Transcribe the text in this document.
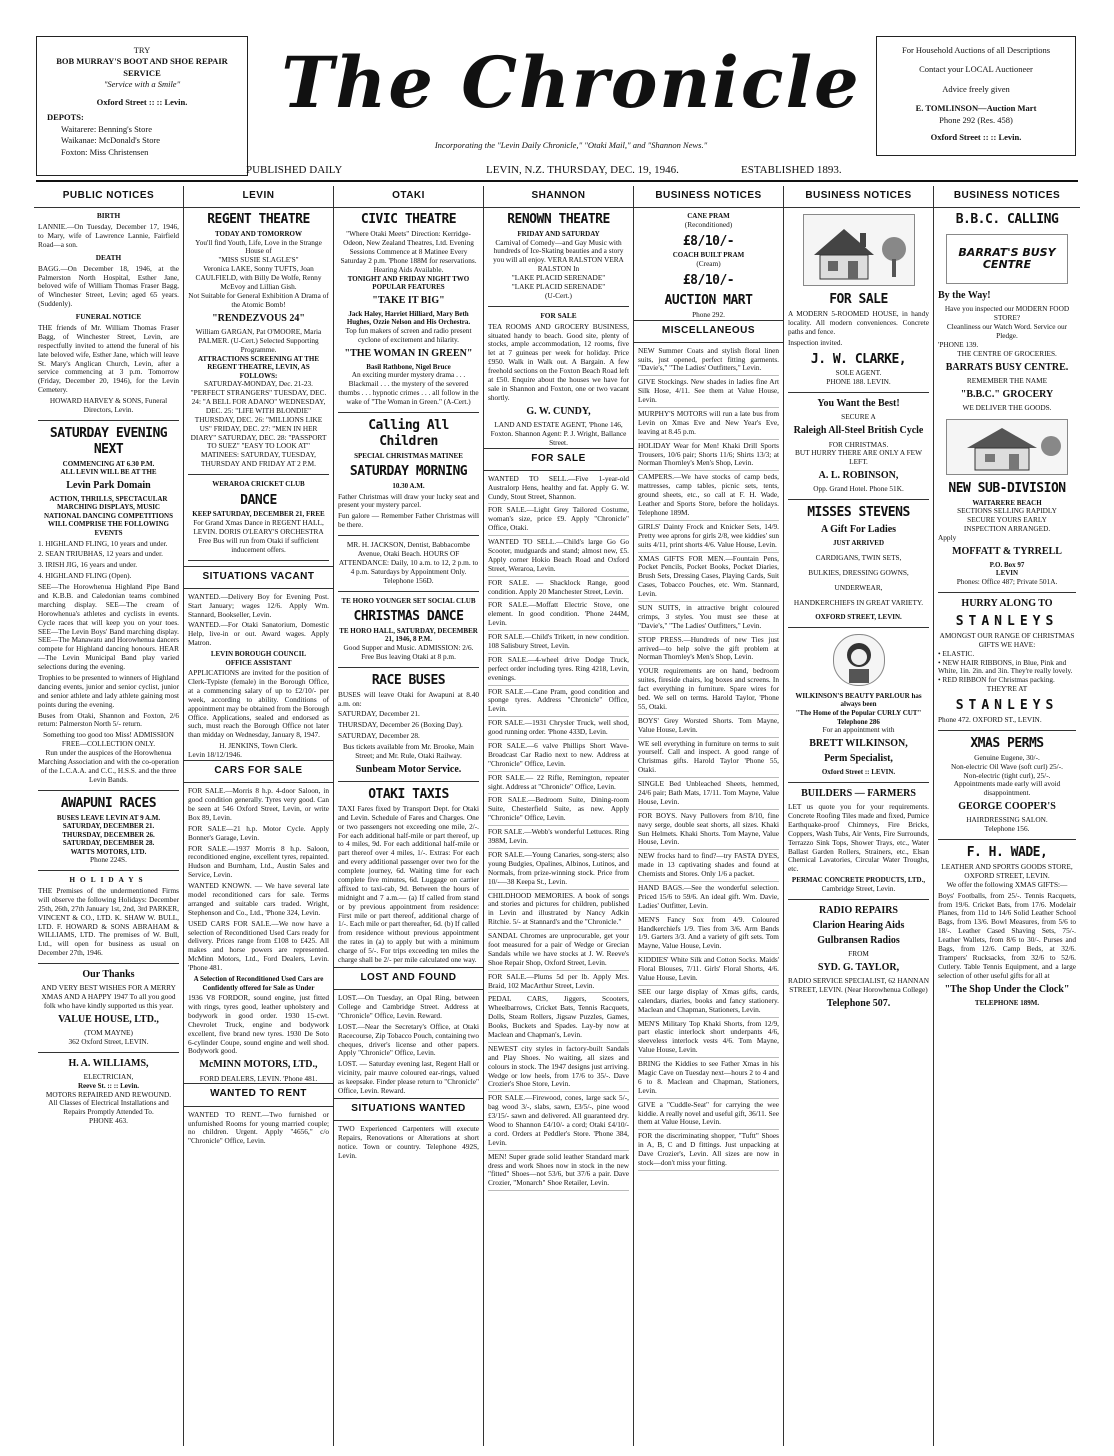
TRY
BOB MURRAY'S BOOT AND SHOE REPAIR SERVICE
"Service with a Smile"
Oxford Street :: :: Levin.
DEPOTS:
Waitarere: Benning's Store
Waikanae: McDonald's Store
Foxton: Miss Christensen
The Chronicle
Incorporating the "Levin Daily Chronicle," "Otaki Mail," and "Shannon News."
For Household Auctions of all Descriptions
Contact your LOCAL Auctioneer
Advice freely given
E. TOMLINSON—Auction Mart
Phone 292 (Res. 458)
Oxford Street :: :: Levin.
PUBLISHED DAILY	LEVIN, N.Z. THURSDAY, DEC. 19, 1946.	ESTABLISHED 1893.
PUBLIC NOTICES
BIRTH
LANNIE.—On Tuesday, December 17, 1946, to Mary, wife of Lawrence Lannie, Fairfield Road—a son.
DEATH
BAGG.—On December 18, 1946, at the Palmerston North Hospital, Esther Jane, beloved wife of William Thomas Fraser Bagg, of Winchester Street, Levin; aged 65 years. (Suddenly).
FUNERAL NOTICE
THE friends of Mr. William Thomas Fraser Bagg, of Winchester Street, Levin, are respectfully invited to attend the funeral of his late beloved wife, Esther Jane, which will leave St. Mary's Anglican Church, Levin, after a service commencing at 3 p.m. Tomorrow (Friday, December 20, 1946), for the Levin Cemetery.
HOWARD HARVEY & SONS, Funeral Directors, Levin.
SATURDAY EVENING NEXT
COMMENCING AT 6.30 P.M.
ALL LEVIN WILL BE AT THE
Levin Park Domain
ACTION, THRILLS, SPECTACULAR MARCHING DISPLAYS, MUSIC
NATIONAL DANCING COMPETITIONS WILL COMPRISE THE FOLLOWING EVENTS
1. HIGHLAND FLING, 10 years and under.
2. SEAN TRIUBHAS, 12 years and under.
3. IRISH JIG, 16 years and under.
4. HIGHLAND FLING (Open).
SEE—The Horowhenua Highland Pipe Band and K.B.B. and Caledonian teams combined marching display. SEE—The cream of Horowhenua's athletes and cyclists in events. Cycle races that will keep you on your toes. SEE—The Levin Boys' Band marching display. SEE—The Manawatu and Horowhenua dancers compete for Highland dancing honours. HEAR—The Levin Municipal Band play varied selections during the evening.
Trophies to be presented to winners of Highland dancing events, junior and senior cyclist, junior and senior athlete and lady athlete gaining most points during the evening.
Buses from Otaki, Shannon and Foxton, 2/6 return: Palmerston North 5/- return.
Something too good too Miss! ADMISSION FREE—COLLECTION ONLY.
Run under the auspices of the Horowhenua Marching Association and with the co-operation of the L.C.A.A. and C.C., H.S.S. and the three Levin Bands.
AWAPUNI RACES
BUSES LEAVE LEVIN AT 9 A.M.
SATURDAY, DECEMBER 21.
THURSDAY, DECEMBER 26.
SATURDAY, DECEMBER 28.
WATTS MOTORS, LTD.
Phone 224S.
HOLIDAYS
THE Premises of the undermentioned Firms will observe the following Holidays: December 25th, 26th, 27th January 1st, 2nd, 3rd PARKER, VINCENT & CO., LTD. K. SHAW W. BULL, LTD. F. HOWARD & SONS ABRAHAM & WILLIAMS, LTD. The premises of W. Bull, Ltd., will open for business as usual on December 27th, 1946.
Our Thanks
AND VERY BEST WISHES FOR A MERRY XMAS AND A HAPPY 1947 To all you good folk who have kindly supported us this year.
VALUE HOUSE, LTD.,
(TOM MAYNE)
362 Oxford Street, LEVIN.
H. A. WILLIAMS,
ELECTRICIAN,
Reeve St. :: :: Levin.
MOTORS REPAIRED AND REWOUND.
All Classes of Electrical Installations and Repairs Promptly Attended To.
PHONE 463.
LEVIN
REGENT THEATRE
TODAY AND TOMORROW
You'll find Youth, Life, Love in the Strange House of
"MISS SUSIE SLAGLE'S"
Veronica LAKE, Sonny TUFTS, Joan CAULFIELD, with Billy De Wolfe, Renny McEvoy and Lillian Gish.
Not Suitable for General Exhibition A Drama of the Atomic Bomb!
"RENDEZVOUS 24"
William GARGAN, Pat O'MOORE, Maria PALMER. (U-Cert.) Selected Supporting Programme.
ATTRACTIONS SCREENING AT THE REGENT THEATRE, LEVIN, AS FOLLOWS:
SATURDAY-MONDAY, Dec. 21-23. "PERFECT STRANGERS" TUESDAY, DEC. 24: "A BELL FOR ADANO" WEDNESDAY, DEC. 25: "LIFE WITH BLONDIE" THURSDAY, DEC. 26: "MILLIONS LIKE US" FRIDAY, DEC. 27: "MEN IN HER DIARY" SATURDAY, DEC. 28: "PASSPORT TO SUEZ" "EASY TO LOOK AT" MATINEES: SATURDAY, TUESDAY, THURSDAY AND FRIDAY AT 2 P.M.
WERAROA CRICKET CLUB
DANCE
KEEP SATURDAY, DECEMBER 21, FREE
For Grand Xmas Dance in REGENT HALL, LEVIN. DORIS O'LEARY'S ORCHESTRA
Free Bus will run from Otaki if sufficient inducement offers.
SITUATIONS VACANT
WANTED.—Delivery Boy for Evening Post. Start January; wages 12/6. Apply Wm. Stannard, Bookseller, Levin.
WANTED.—For Otaki Sanatorium, Domestic Help, live-in or out. Award wages. Apply Matron.
LEVIN BOROUGH COUNCIL
OFFICE ASSISTANT
APPLICATIONS are invited for the position of Clerk-Typiste (female) in the Borough Office, at a commencing salary of up to £2/10/- per week, according to ability. Conditions of appointment may be obtained from the Borough Office. Applications, sealed and endorsed as such, must reach the Borough Office not later than midday on Wednesday, January 8, 1947.
H. JENKINS, Town Clerk.
Levin 18/12/1946.
CARS FOR SALE
FOR SALE.—Morris 8 h.p. 4-door Saloon, in good condition generally. Tyres very good. Can be seen at 546 Oxford Street, Levin, or write Box 89, Levin.
FOR SALE—21 h.p. Motor Cycle. Apply Bonner's Garage, Levin.
FOR SALE.—1937 Morris 8 h.p. Saloon, reconditioned engine, excellent tyres, repainted. Hudson and Burnham, Ltd., Austin Sales and Service, Levin.
WANTED KNOWN. — We have several late model reconditioned cars for sale. Terms arranged and suitable cars traded. Wright, Stephenson and Co., Ltd., 'Phone 324, Levin.
USED CARS FOR SALE.—We now have a selection of Reconditioned Used Cars ready for delivery. Prices range from £108 to £425. All makes and horse powers are represented. McMinn Motors, Ltd., Ford Dealers, Levin. 'Phone 481.
A Selection of Reconditioned Used Cars are Confidently offered for Sale as Under
1936 V8 FORDOR, sound engine, just fitted with rings, tyres good, leather upholstery and bodywork in good order. 1930 15-cwt. Chevrolet Truck, engine and bodywork excellent, five brand new tyres. 1930 De Soto 6-cylinder Coupe, sound engine and well shod. Bodywork good.
McMINN MOTORS, LTD.,
FORD DEALERS, LEVIN. 'Phone 481.
WANTED TO RENT
WANTED TO RENT.—Two furnished or unfurnished Rooms for young married couple; no children. Urgent. Apply "4656," c/o "Chronicle" Office, Levin.
OTAKI
CIVIC THEATRE
"Where Otaki Meets" Direction: Kerridge-Odeon, New Zealand Theatres, Ltd. Evening Sessions Commence at 8 Matinee Every Saturday 2 p.m. 'Phone 188M for reservations. Hearing Aids Available.
TONIGHT AND FRIDAY NIGHT TWO POPULAR FEATURES
"TAKE IT BIG"
Jack Haley, Harriet Hilliard, Mary Beth Hughes, Ozzie Nelson and His Orchestra.
Top fun makers of screen and radio present cyclone of excitement and hilarity.
"THE WOMAN IN GREEN"
Basil Rathbone, Nigel Bruce
An exciting murder mystery drama . . . Blackmail . . . the mystery of the severed thumbs . . . hypnotic crimes . . . all follow in the wake of "The Woman in Green." (A-Cert.)
Calling All Children
SPECIAL CHRISTMAS MATINEE
SATURDAY MORNING
10.30 A.M.
Father Christmas will draw your lucky seat and present your mystery parcel.
Fun galore — Remember Father Christmas will be there.
MR. H. JACKSON, Dentist, Babbacombe Avenue, Otaki Beach. HOURS OF ATTENDANCE: Daily, 10 a.m. to 12, 2 p.m. to 4 p.m. Saturdays by Appointment Only. Telephone 156D.
TE HORO YOUNGER SET SOCIAL CLUB
CHRISTMAS DANCE
TE HORO HALL, SATURDAY, DECEMBER 21, 1946, 8 P.M.
Good Supper and Music. ADMISSION: 2/6. Free Bus leaving Otaki at 8 p.m.
RACE BUSES
BUSES will leave Otaki for Awapuni at 8.40 a.m. on:
SATURDAY, December 21.
THURSDAY, December 26 (Boxing Day).
SATURDAY, December 28.
Bus tickets available from Mr. Brooke, Main Street; and Mr. Rule, Otaki Railway.
Sunbeam Motor Service.
OTAKI TAXIS
TAXI Fares fixed by Transport Dept. for Otaki and Levin. Schedule of Fares and Charges. One or two passengers not exceeding one mile, 2/-. For each additional half-mile or part thereof, up to 4 miles, 9d. For each additional half-mile or part thereof over 4 miles, 1/-. Extras: For each and every additional passenger over two for the complete journey, 6d. Waiting time for each complete five minutes, 6d. Luggage on carrier affixed to taxi-cab, 9d. Between the hours of midnight and 7 a.m.— (a) If called from stand or by previous appointment from residence: First mile or part thereof, additional charge of 1/-. Each mile or part thereafter, 6d. (b) If called from residence without previous appointment the rates in (a) to apply but with a minimum charge of 5/-. For trips exceeding ten miles the charge shall be 2/- per mile calculated one way.
LOST AND FOUND
LOST.—On Tuesday, an Opal Ring, between College and Cambridge Street. Address at "Chronicle" Office, Levin. Reward.
LOST.—Near the Secretary's Office, at Otaki Racecourse, Zip Tobacco Pouch, containing two cheques, driver's license and other papers. Apply "Chronicle" Office, Levin.
LOST. — Saturday evening last, Regent Hall or vicinity, pair mauve coloured ear-rings, valued as keepsake. Finder please return to "Chronicle" Office, Levin. Reward.
SITUATIONS WANTED
TWO Experienced Carpenters will execute Repairs, Renovations or Alterations at short notice. Town or country. Telephone 492S, Levin.
SHANNON
RENOWN THEATRE
FRIDAY AND SATURDAY
Carnival of Comedy—and Gay Music with hundreds of Ice-Skating beauties and a story you will all enjoy. VERA RALSTON VERA RALSTON In
"LAKE PLACID SERENADE"
"LAKE PLACID SERENADE"
(U-Cert.)
FOR SALE
TEA ROOMS AND GROCERY BUSINESS, situated handy to beach. Good site, plenty of stocks, ample accommodation, 12 rooms, five let at 7 guineas per week for holiday. Price £950. Walk in Walk out. A Bargain. A few freehold sections on the Foxton Beach Road left at £50. Enquire about the houses we have for sale in Shannon and Foxton, one or two vacant shortly.
G. W. CUNDY,
LAND AND ESTATE AGENT, 'Phone 146, Foxton. Shannon Agent: P. J. Wright, Ballance Street.
FOR SALE
WANTED TO SELL.—Five 1-year-old Australorp Hens, healthy and fat. Apply G. W. Cundy, Stout Street, Shannon.
FOR SALE.—Light Grey Tailored Costume, woman's size, price £9. Apply "Chronicle" Office, Otaki.
WANTED TO SELL.—Child's large Go Go Scooter, mudguards and stand; almost new, £5. Apply corner Hokio Beach Road and Oxford Street, Weraroa, Levin.
FOR SALE. — Shacklock Range, good condition. Apply 20 Manchester Street, Levin.
FOR SALE.—Moffatt Electric Stove, one element. In good condition. 'Phone 244M, Levin.
FOR SALE.—Child's Trikett, in new condition. 108 Salisbury Street, Levin.
FOR SALE.—4-wheel drive Dodge Truck, perfect order including tyres. Ring 4218, Levin, evenings.
FOR SALE.—Cane Pram, good condition and sponge tyres. Address "Chronicle" Office, Levin.
FOR SALE.—1931 Chrysler Truck, well shod, good running order. 'Phone 433D, Levin.
FOR SALE.—6 valve Phillips Short Wave-Broadcast Car Radio next to new. Address at "Chronicle" Office, Levin.
FOR SALE.— 22 Rifle, Remington, repeater sight. Address at "Chronicle" Office, Levin.
FOR SALE.—Bedroom Suite, Dining-room Suite, Chesterfield Suite, as new. Apply "Chronicle" Office, Levin.
FOR SALE.—Webb's wonderful Lettuces. Ring 398M, Levin.
FOR SALE.—Young Canaries, song-sters; also young Budgies, Opalines, Albinos, Lutinos, and Normals, from prize-winning stock. Price from 10/-—38 Keepa St., Levin.
CHILDHOOD MEMORIES. A book of songs and stories and pictures for children, published in Levin and illustrated by Nancy Adkin Ritchie. 5/- at Stannard's and the "Chronicle."
SANDAL Chromes are unprocurable, get your foot measured for a pair of Wedge or Grecian Sandals while we have stocks at J. W. Reeve's Shoe Repair Shop, Oxford Street, Levin.
FOR SALE.—Plums 5d per lb. Apply Mrs. Braid, 102 MacArthur Street, Levin.
PEDAL CARS, Jiggers, Scooters, Wheelbarrows, Cricket Bats, Tennis Racquets, Dolls, Steam Rollers, Jigsaw Puzzles, Games, Books, Buckets and Spades. Lay-by now at Maclean and Chapman's, Levin.
NEWEST city styles in factory-built Sandals and Play Shoes. No waiting, all sizes and colours in stock. The 1947 designs just arriving. Wedge or low heels, from 17/6 to 35/-. Dave Crozier's Shoe Store, Levin.
FOR SALE.—Firewood, cones, large sack 5/-, bag wood 3/-, slabs, sawn, £3/5/-, pine wood £3/15/- sawn and delivered. All guaranteed dry. Wood to Shannon £4/10/- a cord; Otaki £4/10/- a cord. Orders at Peddler's Store. 'Phone 384, Levin.
MEN! Super grade solid leather Standard mark dress and work Shoes now in stock in the new "fitted" Shoes—not 53/6, but 37/6 a pair. Dave Crozier, "Monarch" Shoe Retailer, Levin.
BUSINESS NOTICES
CANE PRAM
(Reconditioned)
£8/10/-
COACH BUILT PRAM
(Cream)
£8/10/-
AUCTION MART
Phone 292.
MISCELLANEOUS
NEW Summer Coats and stylish floral linen suits, just opened, perfect fitting garments. "Davie's," "The Ladies' Outfitters," Levin.
GIVE Stockings. New shades in ladies fine Art Silk Hose, 4/11. See them at Value House, Levin.
MURPHY'S MOTORS will run a late bus from Levin on Xmas Eve and New Year's Eve, leaving at 8.45 p.m.
HOLIDAY Wear for Men! Khaki Drill Sports Trousers, 10/6 pair; Shorts 11/6; Shirts 13/3; at Norman Thornley's Men's Shop, Levin.
CAMPERS.—We have stocks of camp beds, mattresses, camp tables, picnic sets, tents, ground sheets, etc., so call at F. H. Wade, Leather and Sports Store, before the holidays. Telephone 189M.
GIRLS' Dainty Frock and Knicker Sets, 14/9. Pretty wee aprons for girls 2/8, wee kiddies' sun suits 4/11, print shorts 4/6. Value House, Levin.
XMAS GIFTS FOR MEN.—Fountain Pens, Pocket Pencils, Pocket Books, Pocket Diaries, Brush Sets, Dressing Cases, Playing Cards, Suit Cases, Tobacco Pouches, etc. Wm. Stannard, Levin.
SUN SUITS, in attractive bright coloured crimps, 3 styles. You must see these at "Davie's," "The Ladies' Outfitters," Levin.
STOP PRESS.—Hundreds of new Ties just arrived—to help solve the gift problem at Norman Thornley's Men's Shop, Levin.
YOUR requirements are on hand, bedroom suites, fireside chairs, log boxes and screens. In fact everything in furniture. Spare wires for bed. We sell on terms. Harold Taylor, 'Phone 55, Otaki.
BOYS' Grey Worsted Shorts. Tom Mayne, Value House, Levin.
WE sell everything in furniture on terms to suit yourself. Call and inspect. A good range of Christmas gifts. Harold Taylor 'Phone 55, Otaki.
SINGLE Bed Unbleached Sheets, hemmed, 24/6 pair; Bath Mats, 17/11. Tom Mayne, Value House, Levin.
FOR BOYS. Navy Pullovers from 8/10, fine navy serge, double seat shorts, all sizes. Khaki Sun Helmets. Khaki Shorts. Tom Mayne, Value House, Levin.
NEW frocks hard to find?—try FASTA DYES, made in 13 captivating shades and found at Chemists and Stores. Only 1/6 a packet.
HAND BAGS.—See the wonderful selection. Priced 15/6 to 59/6. An ideal gift. Wm. Davie, Ladies' Outfitter, Levin.
MEN'S Fancy Sox from 4/9. Coloured Handkerchiefs 1/9. Ties from 3/6. Arm Bands 1/9. Garters 3/3. And a variety of gift sets. Tom Mayne, Value House, Levin.
KIDDIES' White Silk and Cotton Socks. Maids' Floral Blouses, 7/11. Girls' Floral Shorts, 4/6. Value House, Levin.
SEE our large display of Xmas gifts, cards, calendars, diaries, books and fancy stationery. Maclean and Chapman, Stationers, Levin.
MEN'S Military Top Khaki Shorts, from 12/9, part elastic interlock short underpants 4/6, sleeveless interlock vests 4/6. Tom Mayne, Value House, Levin.
BRING the Kiddies to see Father Xmas in his Magic Cave on Tuesday next—hours 2 to 4 and 6 to 8. Maclean and Chapman, Stationers, Levin.
GIVE a "Cuddle-Seat" for carrying the wee kiddie. A really novel and useful gift, 36/11. See them at Value House, Levin.
FOR the discriminating shopper, "Tuftt" Shoes in A, B, C and D fittings. Just unpacking at Dave Crozier's, Levin. All sizes are now in stock—don't miss your fitting.
BUSINESS NOTICES
FOR SALE
A MODERN 5-ROOMED HOUSE, in handy locality. All modern conveniences. Concrete paths and fence.
Inspection invited.
J. W. CLARKE,
SOLE AGENT.
PHONE 188. LEVIN.
You Want the Best!
SECURE A
Raleigh All-Steel British Cycle
FOR CHRISTMAS.
BUT HURRY THERE ARE ONLY A FEW LEFT.
A. L. ROBINSON,
Opp. Grand Hotel. Phone 51K.
MISSES STEVENS
A Gift For Ladies
JUST ARRIVED
CARDIGANS, TWIN SETS,
BULKIES, DRESSING GOWNS,
UNDERWEAR,
HANDKERCHIEFS IN GREAT VARIETY.
OXFORD STREET, LEVIN.
WILKINSON'S BEAUTY PARLOUR has always been
"The Home of the Popular CURLY CUT"
Telephone 286
For an appointment with
BRETT WILKINSON,
Perm Specialist,
Oxford Street :: LEVIN.
BUILDERS — FARMERS
LET us quote you for your requirements. Concrete Roofing Tiles made and fixed, Pumice Earthquake-proof Chimneys, Fire Bricks, Coppers, Wash Tubs, Air Vents, Fire Surrounds, Terrazzo Sink Tops, Shower Trays, etc., Water Ballast Garden Rollers, Strainers, etc., Elsan Chemical Lavatories, Circular Water Troughs, etc.
PERMAC CONCRETE PRODUCTS, LTD.,
Cambridge Street, Levin.
RADIO REPAIRS
Clarion Hearing Aids
Gulbransen Radios
FROM
SYD. G. TAYLOR,
RADIO SERVICE SPECIALIST, 62 HANNAN STREET, LEVIN. (Near Horowhenua College)
Telephone 507.
BUSINESS NOTICES
B.B.C. CALLING
BARRAT'S BUSY CENTRE
By the Way!
Have you inspected our MODERN FOOD STORE?
Cleanliness our Watch Word. Service our Pledge.
'PHONE 139.
THE CENTRE OF GROCERIES.
BARRATS BUSY CENTRE.
REMEMBER THE NAME
"B.B.C." GROCERY
WE DELIVER THE GOODS.
NEW SUB-DIVISION
WAITARERE BEACH
SECTIONS SELLING RAPIDLY
SECURE YOURS EARLY
INSPECTION ARRANGED.
Apply
MOFFATT & TYRRELL
P.O. Box 97
LEVIN
Phones: Office 487; Private 501A.
HURRY ALONG TO
STANLEYS
AMONGST OUR RANGE OF CHRISTMAS GIFTS WE HAVE:
• ELASTIC.
• NEW HAIR RIBBONS, in Blue, Pink and White, 1in. 2in. and 3in. They're really lovely.
• RED RIBBON for Christmas packing.
THEY'RE AT
STANLEYS
Phone 472. OXFORD ST., LEVIN.
XMAS PERMS
Genuine Eugene, 30/-.
Non-electric Oil Wave (soft curl) 25/-.
Non-electric (tight curl), 25/-.
Appointments made early will avoid disappointment.
GEORGE COOPER'S
HAIRDRESSING SALON.
Telephone 156.
F. H. WADE,
LEATHER AND SPORTS GOODS STORE, OXFORD STREET, LEVIN.
We offer the following XMAS GIFTS:—
Boys' Footballs, from 25/-. Tennis Racquets, from 19/6. Cricket Bats, from 17/6. Modelair Planes, from 11d to 14/6 Solid Leather School Bags, from 13/6. Bowl Measures, from 5/6 to 18/-. Leather Cased Shaving Sets, 75/-. Leather Wallets, from 8/6 to 30/-. Purses and Bags, from 12/6. Camp Beds, at 32/6. Trampers' Rucksacks, from 32/6 to 52/6. Cutlery. Table Tennis Equipment, and a large selection of other useful gifts for all at
"The Shop Under the Clock"
TELEPHONE 189M.
